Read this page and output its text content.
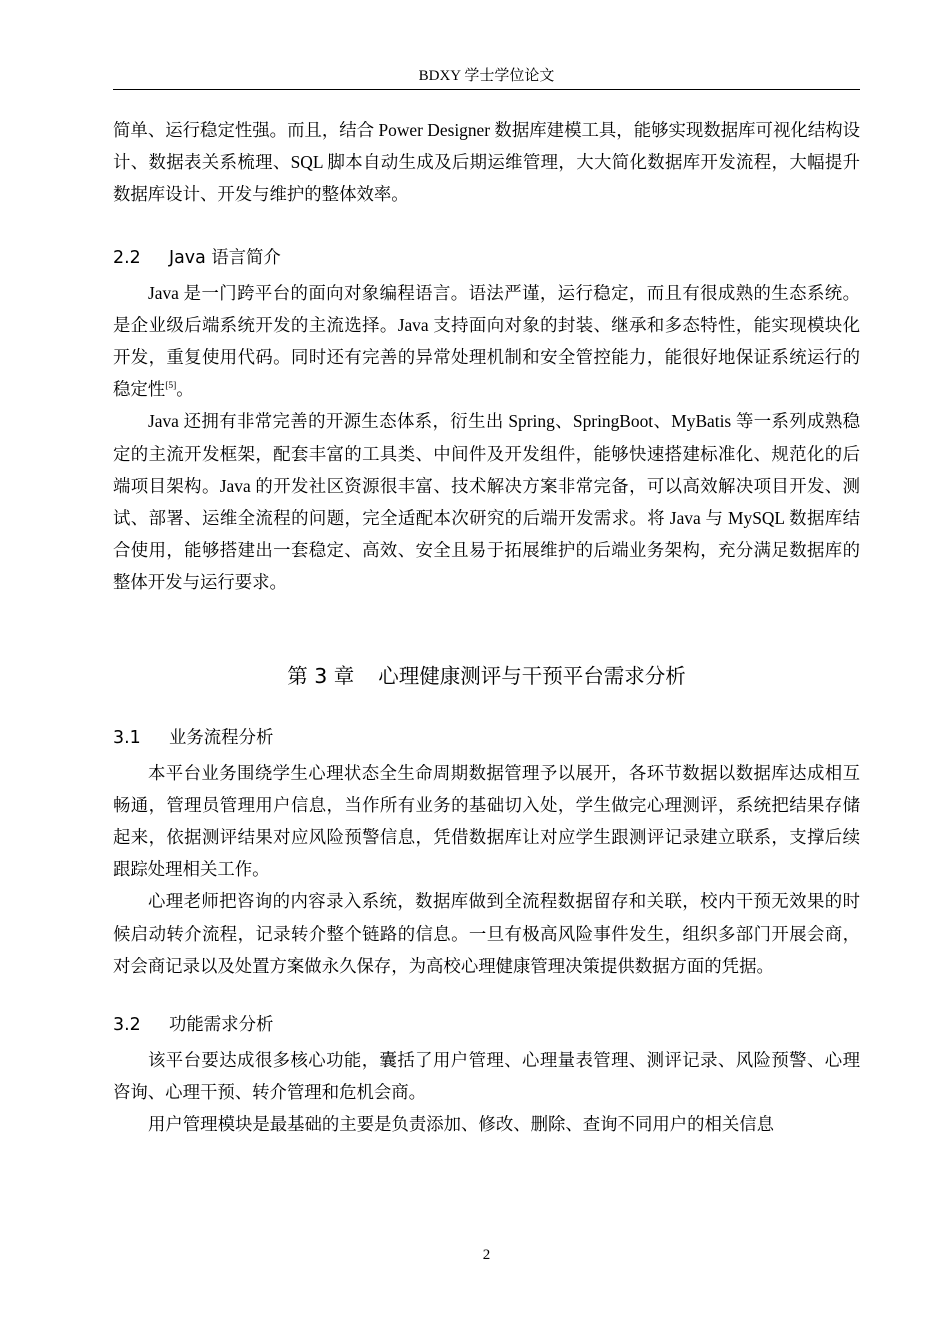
BDXY 学士学位论文

简单、运行稳定性强。而且，结合 Power Designer 数据库建模工具，能够实现数据库可视化结构设计、数据表关系梳理、SQL 脚本自动生成及后期运维管理，大大简化数据库开发流程，大幅提升数据库设计、开发与维护的整体效率。

2.2 Java 语言简介

Java 是一门跨平台的面向对象编程语言。语法严谨，运行稳定，而且有很成熟的生态系统。是企业级后端系统开发的主流选择。Java 支持面向对象的封装、继承和多态特性，能实现模块化开发，重复使用代码。同时还有完善的异常处理机制和安全管控能力，能很好地保证系统运行的稳定性[5]。

Java 还拥有非常完善的开源生态体系，衍生出 Spring、SpringBoot、MyBatis 等一系列成熟稳定的主流开发框架，配套丰富的工具类、中间件及开发组件，能够快速搭建标准化、规范化的后端项目架构。Java 的开发社区资源很丰富、技术解决方案非常完备，可以高效解决项目开发、测试、部署、运维全流程的问题，完全适配本次研究的后端开发需求。将 Java 与 MySQL 数据库结合使用，能够搭建出一套稳定、高效、安全且易于拓展维护的后端业务架构，充分满足数据库的整体开发与运行要求。

第 3 章 心理健康测评与干预平台需求分析
3.1 业务流程分析

本平台业务围绕学生心理状态全生命周期数据管理予以展开，各环节数据以数据库达成相互畅通，管理员管理用户信息，当作所有业务的基础切入处，学生做完心理测评，系统把结果存储起来，依据测评结果对应风险预警信息，凭借数据库让对应学生跟测评记录建立联系，支撑后续跟踪处理相关工作。

心理老师把咨询的内容录入系统，数据库做到全流程数据留存和关联，校内干预无效果的时候启动转介流程，记录转介整个链路的信息。一旦有极高风险事件发生，组织多部门开展会商，对会商记录以及处置方案做永久保存，为高校心理健康管理决策提供数据方面的凭据。

3.2 功能需求分析

该平台要达成很多核心功能，囊括了用户管理、心理量表管理、测评记录、风险预警、心理咨询、心理干预、转介管理和危机会商。

用户管理模块是最基础的主要是负责添加、修改、删除、查询不同用户的相关信息

2
